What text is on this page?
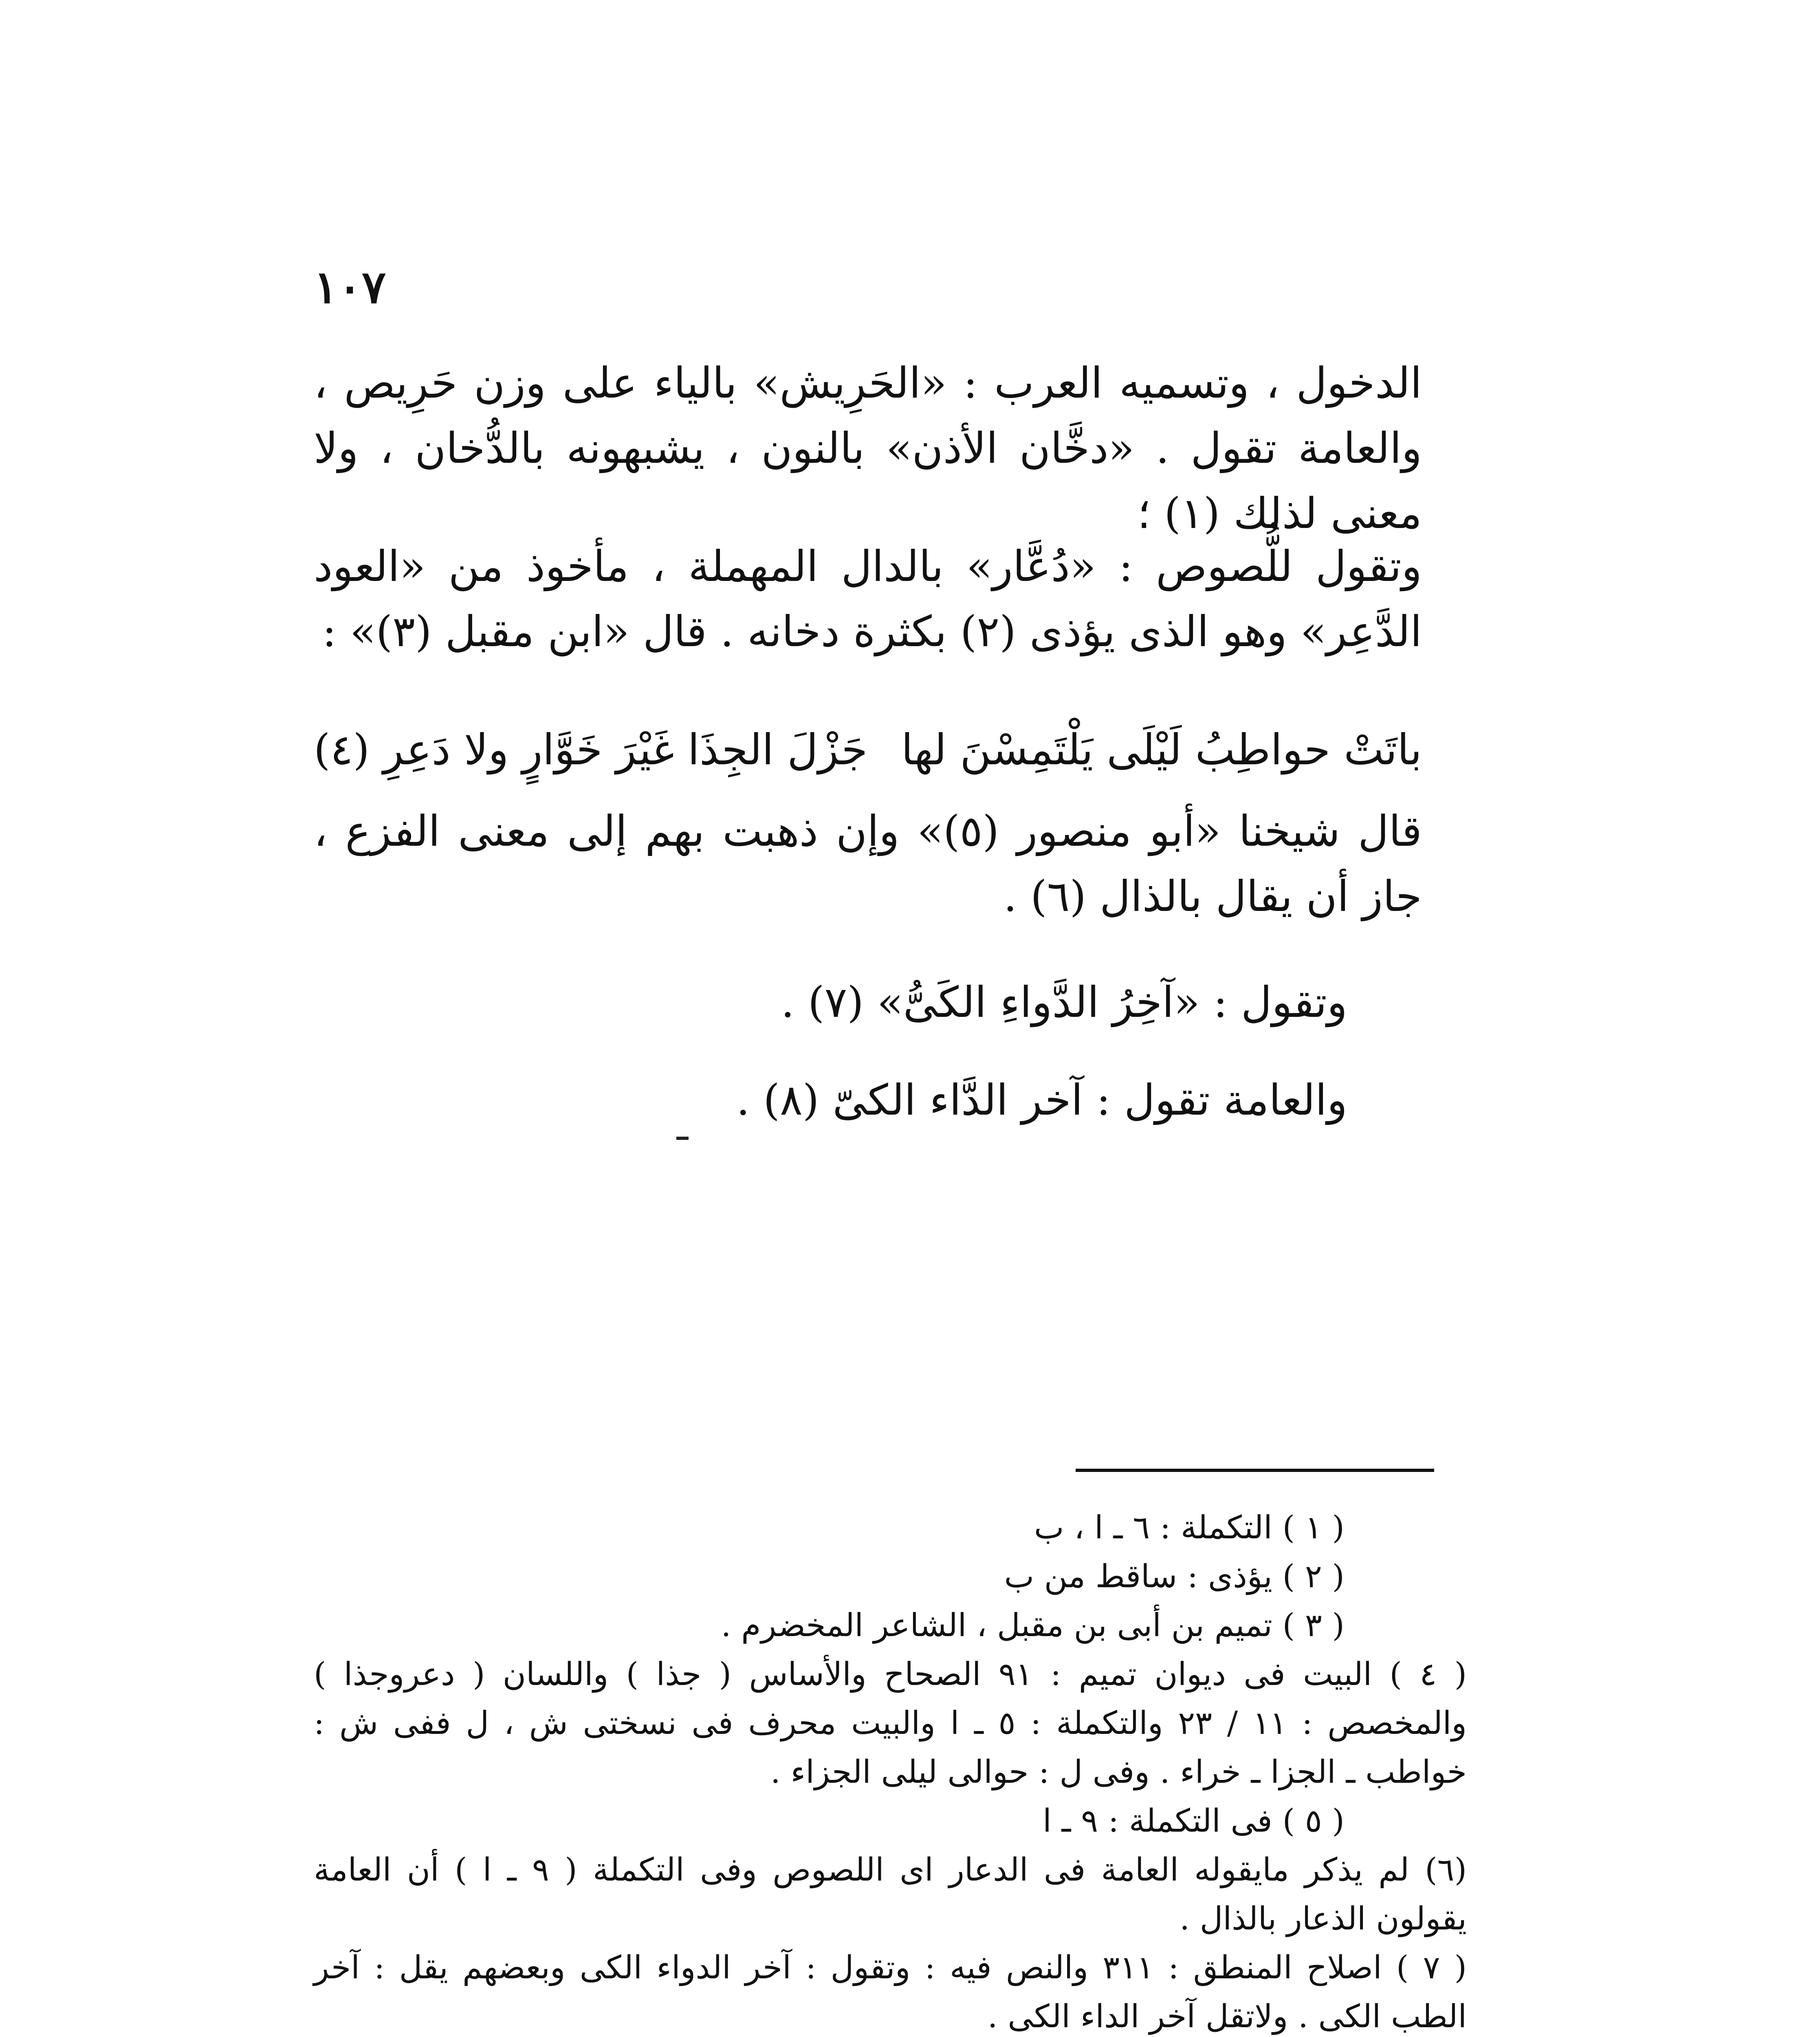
١٠٧

الدخول ، وتسميه العرب : «الحَرِيش» بالياء على وزن حَرِيص ، والعامة تقول . «دخَّان الأذن» بالنون ، يشبهونه بالدُّخان ، ولا معنى لذلك (١) ؛

وتقول للُّصوص : «دُعَّار» بالدال المهملة ، مأخوذ من «العود الدَّعِر» وهو الذى يؤذى (٢) بكثرة دخانه . قال «ابن مقبل (٣)» :

باتَتْ حواطِبُ لَيْلَى يَلْتَمِسْنَ لها
جَزْلَ الجِذَا غَيْرَ خَوَّارٍ ولا دَعِرِ (٤)

قال شيخنا «أبو منصور (٥)» وإن ذهبت بهم إلى معنى الفزع ، جاز أن يقال بالذال (٦) .

وتقول : «آخِرُ الدَّواءِ الكَىُّ» (٧) .
والعامة تقول : آخر الدَّاء الكىّ (٨) .

( ١ ) التكملة : ٦ ـ ا ، ب

( ٢ ) يؤذى : ساقط من ب

( ٣ ) تميم بن أبى بن مقبل ، الشاعر المخضرم .

( ٤ ) البيت فى ديوان تميم : ٩١ الصحاح والأساس ( جذا ) واللسان ( دعروجذا ) والمخصص : ١١ / ٢٣ والتكملة : ٥ ـ ا والبيت محرف فى نسختى ش ، ل ففى ش : خواطب ـ الجزا ـ خراء . وفى ل : حوالى ليلى الجزاء .

( ٥ ) فى التكملة : ٩ ـ ا

(٦) لم يذكر مايقوله العامة فى الدعار اى اللصوص وفى التكملة ( ٩ ـ ا ) أن العامة يقولون الذعار بالذال .

( ٧ ) اصلاح المنطق : ٣١١ والنص فيه : وتقول : آخر الدواء الكى وبعضهم يقل : آخر الطب الكى . ولاتقل آخر الداء الكى .
